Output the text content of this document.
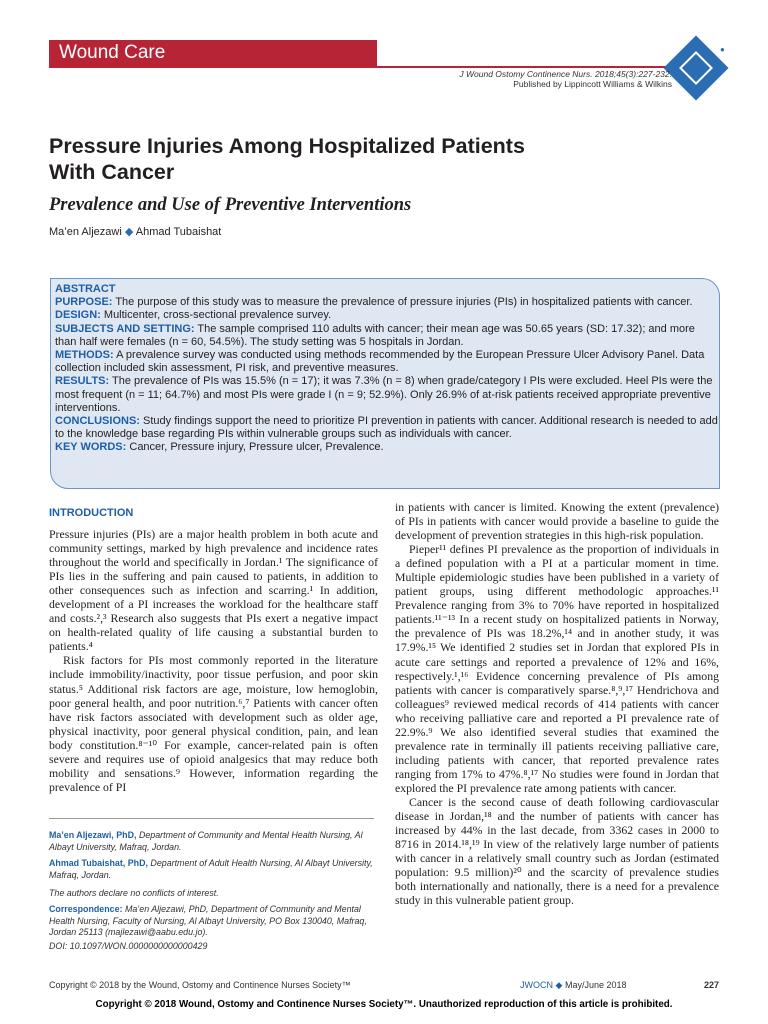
Wound Care	●
J Wound Ostomy Continence Nurs. 2018;45(3):227-232.
Published by Lippincott Williams & Wilkins
Pressure Injuries Among Hospitalized Patients
With Cancer
Prevalence and Use of Preventive Interventions
Ma’en Aljezawi ◆ Ahmad Tubaishat

ABSTRACT

PURPOSE: The purpose of this study was to measure the prevalence of pressure injuries (PIs) in hospitalized patients with cancer.

DESIGN: Multicenter, cross-sectional prevalence survey.

SUBJECTS AND SETTING: The sample comprised 110 adults with cancer; their mean age was 50.65 years (SD: 17.32); and more than half were females (n = 60, 54.5%). The study setting was 5 hospitals in Jordan.

METHODS: A prevalence survey was conducted using methods recommended by the European Pressure Ulcer Advisory Panel. Data collection included skin assessment, PI risk, and preventive measures.

RESULTS: The prevalence of PIs was 15.5% (n = 17); it was 7.3% (n = 8) when grade/category I PIs were excluded. Heel PIs were the most frequent (n = 11; 64.7%) and most PIs were grade I (n = 9; 52.9%). Only 26.9% of at-risk patients received appropriate preventive interventions.

CONCLUSIONS: Study findings support the need to prioritize PI prevention in patients with cancer. Additional research is needed to add to the knowledge base regarding PIs within vulnerable groups such as individuals with cancer.

KEY WORDS: Cancer, Pressure injury, Pressure ulcer, Prevalence.

INTRODUCTION

Pressure injuries (PIs) are a major health problem in both acute and community settings, marked by high prevalence and incidence rates throughout the world and specifically in Jordan.¹ The significance of PIs lies in the suffering and pain caused to patients, in addition to other consequences such as infection and scarring.¹ In addition, development of a PI increases the workload for the healthcare staff and costs.²,³ Research also suggests that PIs exert a negative impact on health-related quality of life causing a substantial burden to patients.⁴

Risk factors for PIs most commonly reported in the literature include immobility/inactivity, poor tissue perfusion, and poor skin status.⁵ Additional risk factors are age, moisture, low hemoglobin, poor general health, and poor nutrition.⁶,⁷ Patients with cancer often have risk factors associated with development such as older age, physical inactivity, poor general physical condition, pain, and lean body constitution.⁸⁻¹⁰ For example, cancer-related pain is often severe and requires use of opioid analgesics that may reduce both mobility and sensations.⁹ However, information regarding the prevalence of PI

Ma’en Aljezawi, PhD, Department of Community and Mental Health Nursing, Al Albayt University, Mafraq, Jordan.
Ahmad Tubaishat, PhD, Department of Adult Health Nursing, Al Albayt University, Mafraq, Jordan.
The authors declare no conflicts of interest.
Correspondence: Ma’en Aljezawi, PhD, Department of Community and Mental Health Nursing, Faculty of Nursing, Al Albayt University, PO Box 130040, Mafraq, Jordan 25113 (majlezawi@aabu.edu.jo).
DOI: 10.1097/WON.0000000000000429

in patients with cancer is limited. Knowing the extent (prevalence) of PIs in patients with cancer would provide a baseline to guide the development of prevention strategies in this high-risk population.

Pieper¹¹ defines PI prevalence as the proportion of individuals in a defined population with a PI at a particular moment in time. Multiple epidemiologic studies have been published in a variety of patient groups, using different methodologic approaches.¹¹ Prevalence ranging from 3% to 70% have reported in hospitalized patients.¹¹⁻¹³ In a recent study on hospitalized patients in Norway, the prevalence of PIs was 18.2%,¹⁴ and in another study, it was 17.9%.¹⁵ We identified 2 studies set in Jordan that explored PIs in acute care settings and reported a prevalence of 12% and 16%, respectively.¹,¹⁶ Evidence concerning prevalence of PIs among patients with cancer is comparatively sparse.⁸,⁹,¹⁷ Hendrichova and colleagues⁹ reviewed medical records of 414 patients with cancer who receiving palliative care and reported a PI prevalence rate of 22.9%.⁹ We also identified several studies that examined the prevalence rate in terminally ill patients receiving palliative care, including patients with cancer, that reported prevalence rates ranging from 17% to 47%.⁸,¹⁷ No studies were found in Jordan that explored the PI prevalence rate among patients with cancer.

Cancer is the second cause of death following cardiovascular disease in Jordan,¹⁸ and the number of patients with cancer has increased by 44% in the last decade, from 3362 cases in 2000 to 8716 in 2014.¹⁸,¹⁹ In view of the relatively large number of patients with cancer in a relatively small country such as Jordan (estimated population: 9.5 million)²⁰ and the scarcity of prevalence studies both internationally and nationally, there is a need for a prevalence study in this vulnerable patient group.

Copyright © 2018 by the Wound, Ostomy and Continence Nurses Society™	JWOCN ◆ May/June 2018	227
Copyright © 2018 Wound, Ostomy and Continence Nurses Society™. Unauthorized reproduction of this article is prohibited.
